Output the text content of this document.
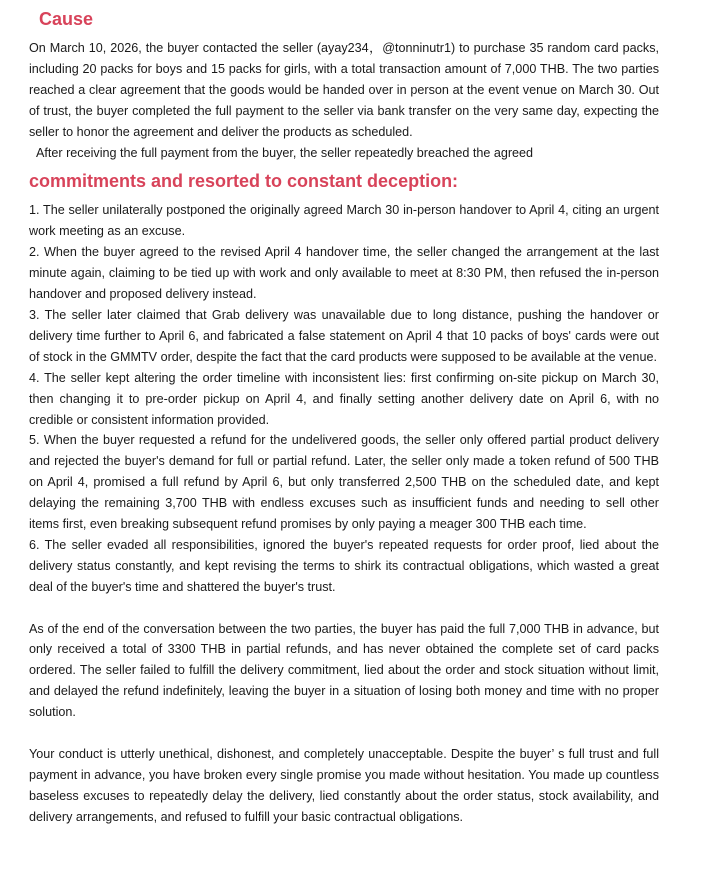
Cause

On March 10, 2026, the buyer contacted the seller (ayay234，@tonninutr1) to purchase 35 random card packs, including 20 packs for boys and 15 packs for girls, with a total transaction amount of 7,000 THB. The two parties reached a clear agreement that the goods would be handed over in person at the event venue on March 30. Out of trust, the buyer completed the full payment to the seller via bank transfer on the very same day, expecting the seller to honor the agreement and deliver the products as scheduled.

After receiving the full payment from the buyer, the seller repeatedly breached the agreed

commitments and resorted to constant deception:

1. The seller unilaterally postponed the originally agreed March 30 in-person handover to April 4, citing an urgent work meeting as an excuse.

2. When the buyer agreed to the revised April 4 handover time, the seller changed the arrangement at the last minute again, claiming to be tied up with work and only available to meet at 8:30 PM, then refused the in-person handover and proposed delivery instead.

3. The seller later claimed that Grab delivery was unavailable due to long distance, pushing the handover or delivery time further to April 6, and fabricated a false statement on April 4 that 10 packs of boys' cards were out of stock in the GMMTV order, despite the fact that the card products were supposed to be available at the venue.

4. The seller kept altering the order timeline with inconsistent lies: first confirming on-site pickup on March 30, then changing it to pre-order pickup on April 4, and finally setting another delivery date on April 6, with no credible or consistent information provided.

5. When the buyer requested a refund for the undelivered goods, the seller only offered partial product delivery and rejected the buyer's demand for full or partial refund. Later, the seller only made a token refund of 500 THB on April 4, promised a full refund by April 6, but only transferred 2,500 THB on the scheduled date, and kept delaying the remaining 3,700 THB with endless excuses such as insufficient funds and needing to sell other items first, even breaking subsequent refund promises by only paying a meager 300 THB each time.

6. The seller evaded all responsibilities, ignored the buyer's repeated requests for order proof, lied about the delivery status constantly, and kept revising the terms to shirk its contractual obligations, which wasted a great deal of the buyer's time and shattered the buyer's trust.

As of the end of the conversation between the two parties, the buyer has paid the full 7,000 THB in advance, but only received a total of 3300 THB in partial refunds, and has never obtained the complete set of card packs ordered. The seller failed to fulfill the delivery commitment, lied about the order and stock situation without limit, and delayed the refund indefinitely, leaving the buyer in a situation of losing both money and time with no proper solution.

Your conduct is utterly unethical, dishonest, and completely unacceptable. Despite the buyer’ s full trust and full payment in advance, you have broken every single promise you made without hesitation. You made up countless baseless excuses to repeatedly delay the delivery, lied constantly about the order status, stock availability, and delivery arrangements, and refused to fulfill your basic contractual obligations.
